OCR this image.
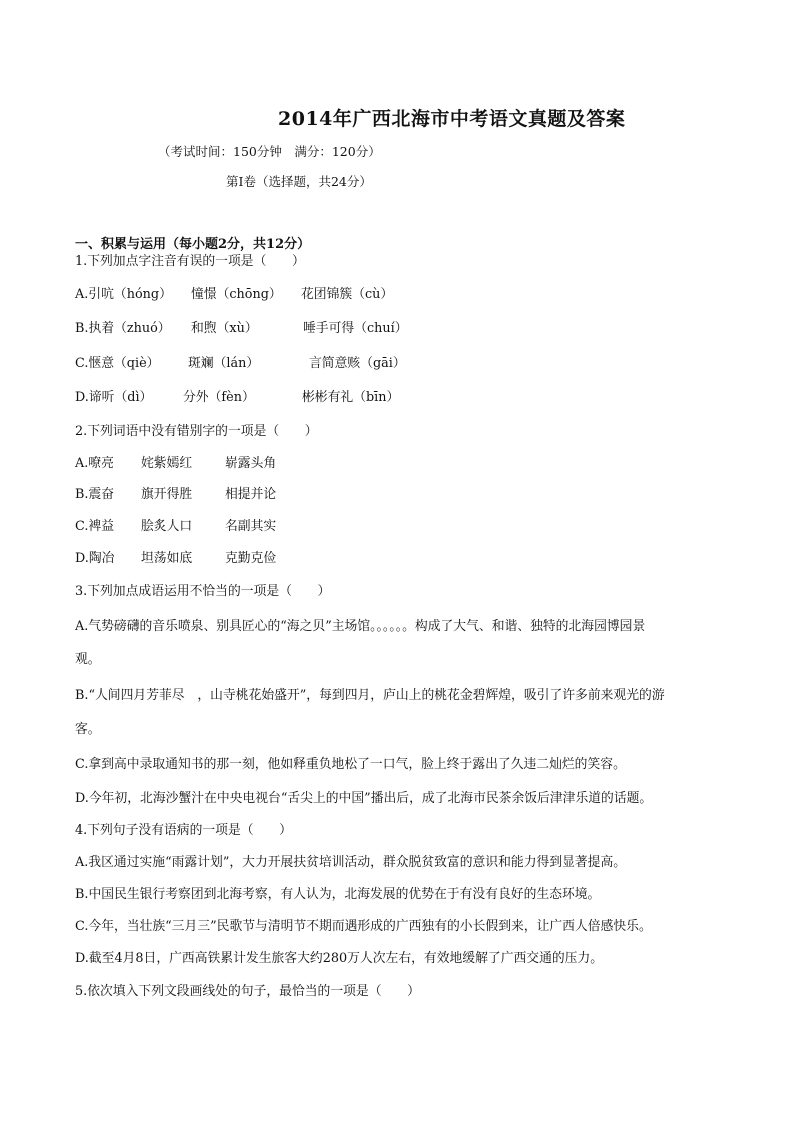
2014年广西北海市中考语文真题及答案
（考试时间：150分钟　满分：120分）
第Ⅰ卷（选择题，共24分）
一、积累与运用（每小题2分，共12分）
1.下列加点字注音有误的一项是（　　）
A.引吭（hóng） 憧憬（chōng） 花团锦簇（cù）
B.执着（zhuó） 和煦（xù）	唾手可得（chuí）
C.惬意（qiè） 斑斓（lán）	言简意赅（gāi）
D.谛听（dì） 分外（fèn）	彬彬有礼（bīn）
2.下列词语中没有错别字的一项是（　　）
A.嘹亮 姹紫嫣红	崭露头角
B.震奋 旗开得胜	相提并论
C.裨益 脍炙人口	名副其实
D.陶冶 坦荡如底	克勤克俭
3.下列加点成语运用不恰当的一项是（　　）
A.气势磅礴的音乐喷泉、别具匠心的“海之贝”主场馆。。。。。。构成了大气、和谐、独特的北海园博园景
观。
B.“人间四月芳菲尽　，山寺桃花始盛开”，每到四月，庐山上的桃花金碧辉煌，吸引了许多前来观光的游
客。
C.拿到高中录取通知书的那一刻，他如释重负地松了一口气，脸上终于露出了久违二灿烂的笑容。
D.今年初，北海沙蟹汁在中央电视台“舌尖上的中国”播出后，成了北海市民茶余饭后津津乐道的话题。
4.下列句子没有语病的一项是（　　）
A.我区通过实施“雨露计划”，大力开展扶贫培训活动，群众脱贫致富的意识和能力得到显著提高。
B.中国民生银行考察团到北海考察，有人认为，北海发展的优势在于有没有良好的生态环境。
C.今年，当壮族“三月三”民歌节与清明节不期而遇形成的广西独有的小长假到来，让广西人倍感快乐。
D.截至4月8日，广西高铁累计发生旅客大约280万人次左右，有效地缓解了广西交通的压力。
5.依次填入下列文段画线处的句子，最恰当的一项是（　　）
